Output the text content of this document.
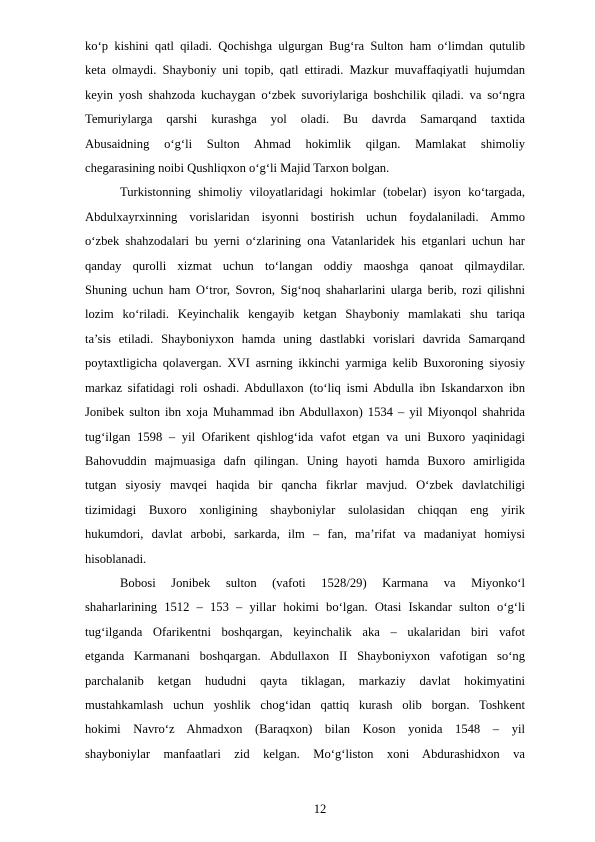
ko‘p kishini qatl qiladi. Qochishga ulgurgan Bug‘ra Sulton ham o‘limdan qutulib
keta olmaydi. Shayboniy uni topib, qatl ettiradi. Mazkur muvaffaqiyatli hujumdan
keyin yosh shahzoda kuchaygan o‘zbek suvoriylariga boshchilik qiladi. va so‘ngra
Temuriylarga qarshi kurashga yol oladi. Bu davrda Samarqand taxtida
Abusaidning o‘g‘li Sulton Ahmad hokimlik qilgan. Mamlakat shimoliy
chegarasining noibi Qushliqxon o‘g‘li Majid Tarxon bolgan.
Turkistonning shimoliy viloyatlaridagi hokimlar (tobelar) isyon ko‘targada,
Abdulxayrxinning vorislaridan isyonni bostirish uchun foydalaniladi. Ammo
o‘zbek shahzodalari bu yerni o‘zlarining ona Vatanlaridek his etganlari uchun har
qanday qurolli xizmat uchun to‘langan oddiy maoshga qanoat qilmaydilar.
Shuning uchun ham O‘tror, Sovron, Sig‘noq shaharlarini ularga berib, rozi qilishni
lozim ko‘riladi. Keyinchalik kengayib ketgan Shayboniy mamlakati shu tariqa
ta’sis etiladi. Shayboniyxon hamda uning dastlabki vorislari davrida Samarqand
poytaxtligicha qolavergan. XVI asrning ikkinchi yarmiga kelib Buxoroning siyosiy
markaz sifatidagi roli oshadi. Abdullaxon (to‘liq ismi Abdulla ibn Iskandarxon ibn
Jonibek sulton ibn xoja Muhammad ibn Abdullaxon) 1534 – yil Miyonqol shahrida
tug‘ilgan 1598 – yil Ofarikent qishlog‘ida vafot etgan va uni Buxoro yaqinidagi
Bahovuddin majmuasiga dafn qilingan. Uning hayoti hamda Buxoro amirligida
tutgan siyosiy mavqei haqida bir qancha fikrlar mavjud. O‘zbek davlatchiligi
tizimidagi Buxoro xonligining shayboniylar sulolasidan chiqqan eng yirik
hukumdori, davlat arbobi, sarkarda, ilm – fan, ma’rifat va madaniyat homiysi
hisoblanadi.
Bobosi Jonibek sulton (vafoti 1528/29) Karmana va Miyonko‘l
shaharlarining 1512 – 153 – yillar hokimi bo‘lgan. Otasi Iskandar sulton o‘g‘li
tug‘ilganda Ofarikentni boshqargan, keyinchalik aka – ukalaridan biri vafot
etganda Karmanani boshqargan. Abdullaxon II Shayboniyxon vafotigan so‘ng
parchalanib ketgan hududni qayta tiklagan, markaziy davlat hokimyatini
mustahkamlash uchun yoshlik chog‘idan qattiq kurash olib borgan. Toshkent
hokimi Navro‘z Ahmadxon (Baraqxon) bilan Koson yonida 1548 – yil
shayboniylar manfaatlari zid kelgan. Mo‘g‘liston xoni Abdurashidxon va
12
